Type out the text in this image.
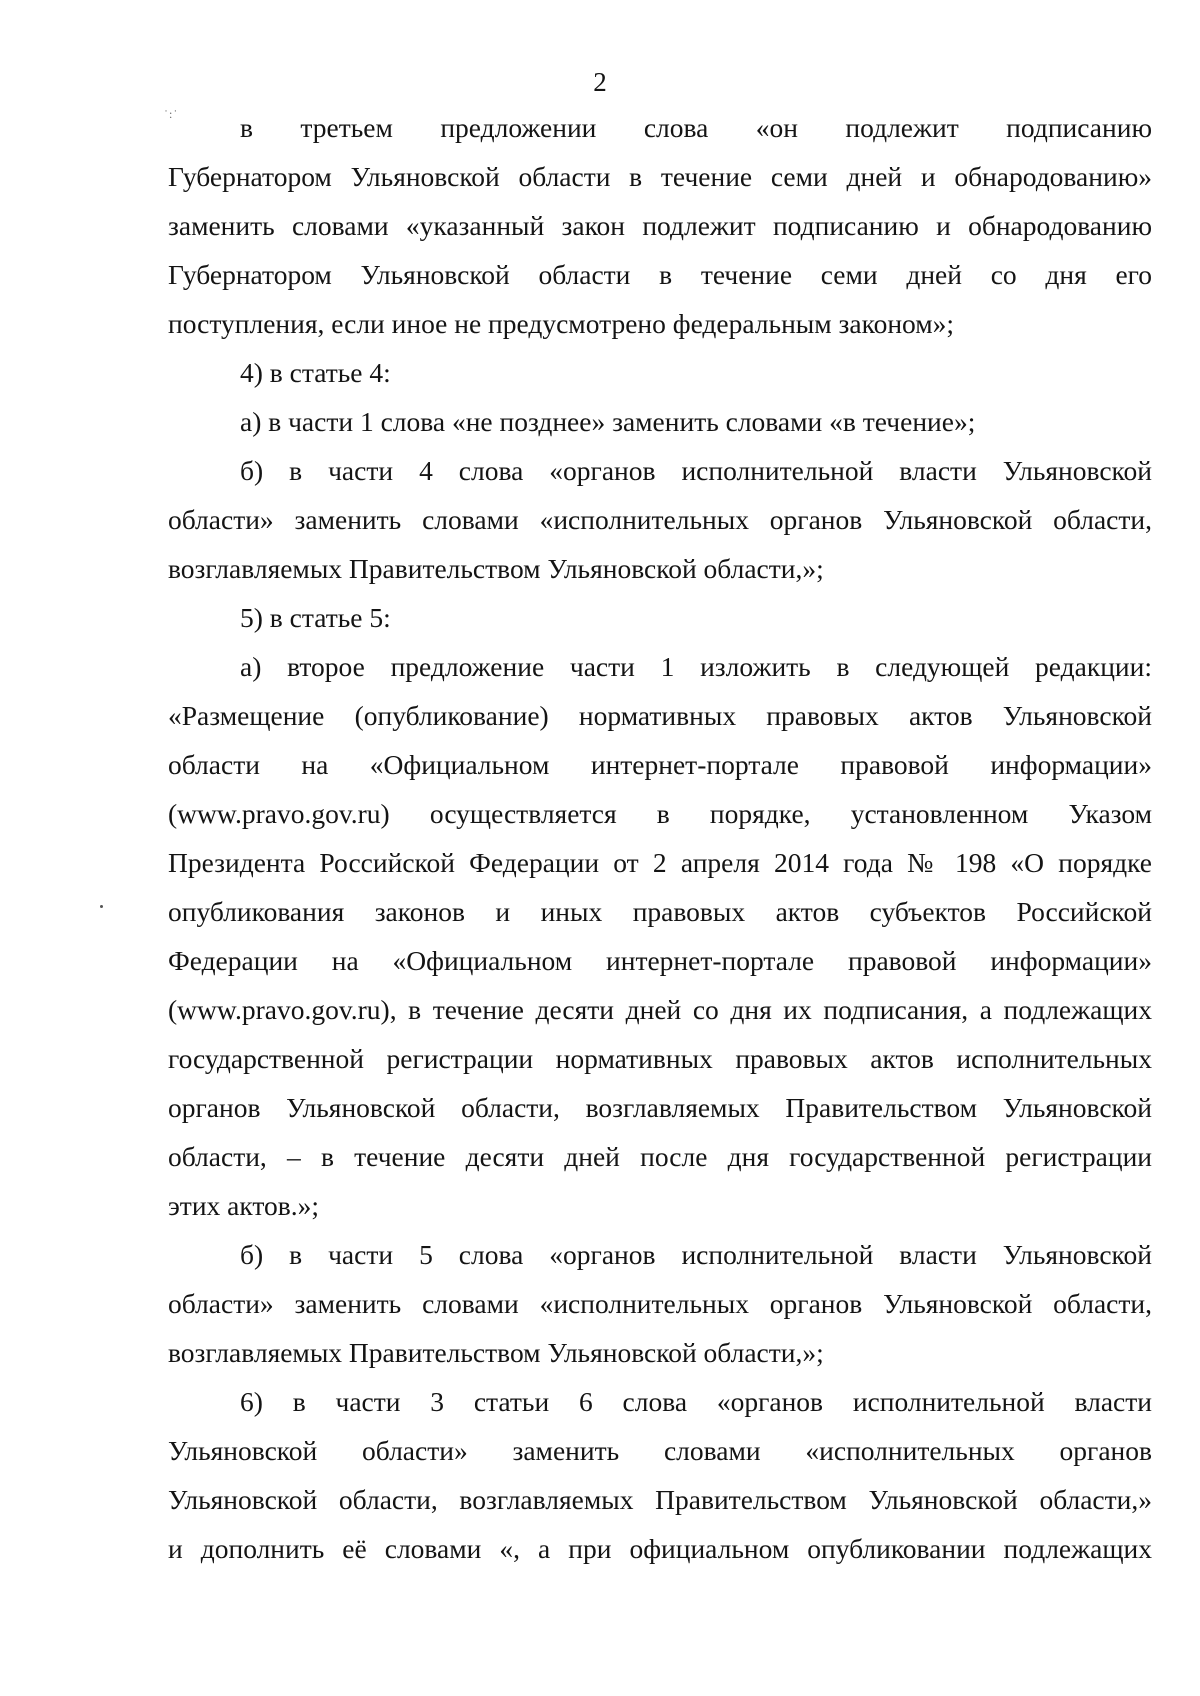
2
˙:˙	в третьем предложении слова «он подлежит подписанию
Губернатором Ульяновской области в течение семи дней и обнародованию»
заменить словами «указанный закон подлежит подписанию и обнародованию
Губернатором Ульяновской области в течение семи дней со дня его
поступления, если иное не предусмотрено федеральным законом»;
4) в статье 4:
а) в части 1 слова «не позднее» заменить словами «в течение»;
б) в части 4 слова «органов исполнительной власти Ульяновской
области» заменить словами «исполнительных органов Ульяновской области,
возглавляемых Правительством Ульяновской области,»;
5) в статье 5:
а) второе предложение части 1 изложить в следующей редакции:
«Размещение (опубликование) нормативных правовых актов Ульяновской
области на «Официальном интернет-портале правовой информации»
(www.pravo.gov.ru) осуществляется в порядке, установленном Указом
Президента Российской Федерации от 2 апреля 2014 года № 198 «О порядке
опубликования законов и иных правовых актов субъектов Российской
Федерации на «Официальном интернет-портале правовой информации»
(www.pravo.gov.ru), в течение десяти дней со дня их подписания, а подлежащих
государственной регистрации нормативных правовых актов исполнительных
органов Ульяновской области, возглавляемых Правительством Ульяновской
области, – в течение десяти дней после дня государственной регистрации
этих актов.»;
б) в части 5 слова «органов исполнительной власти Ульяновской
области» заменить словами «исполнительных органов Ульяновской области,
возглавляемых Правительством Ульяновской области,»;
6) в части 3 статьи 6 слова «органов исполнительной власти
Ульяновской области» заменить словами «исполнительных органов
Ульяновской области, возглавляемых Правительством Ульяновской области,»
и дополнить её словами «, а при официальном опубликовании подлежащих
